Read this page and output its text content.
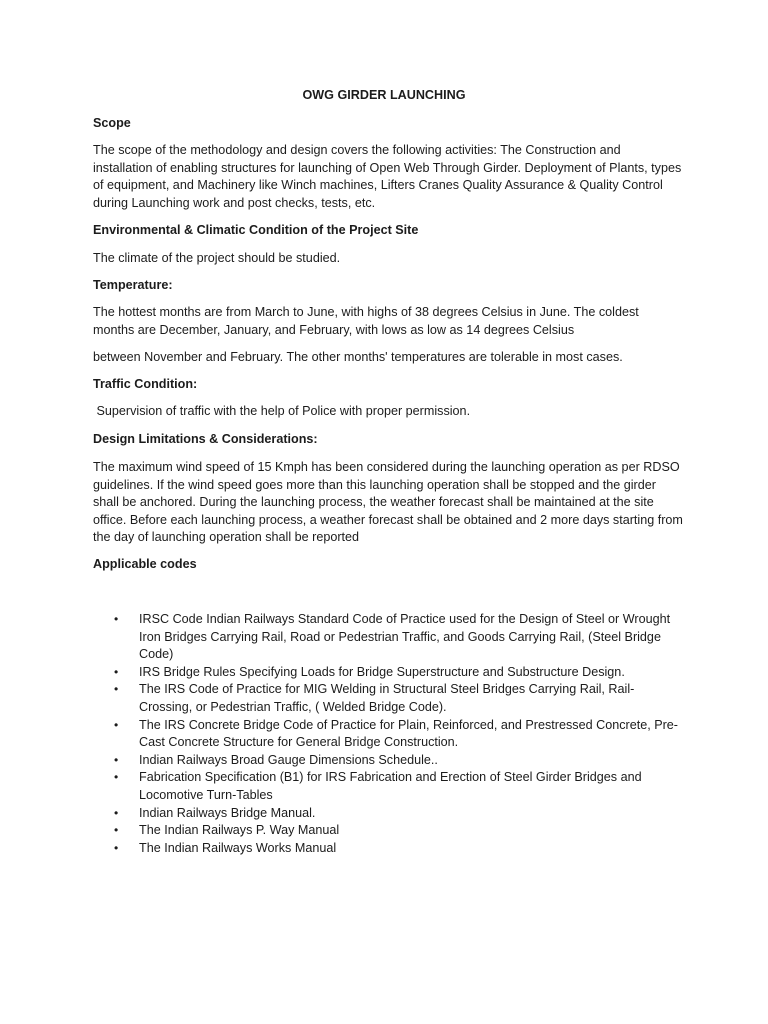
OWG GIRDER LAUNCHING

Scope

The scope of the methodology and design covers the following activities: The Construction and installation of enabling structures for launching of Open Web Through Girder. Deployment of Plants, types of equipment, and Machinery like Winch machines, Lifters Cranes Quality Assurance & Quality Control during Launching work and post checks, tests, etc.

Environmental & Climatic Condition of the Project Site

The climate of the project should be studied.

Temperature:

The hottest months are from March to June, with highs of 38 degrees Celsius in June. The coldest months are December, January, and February, with lows as low as 14 degrees Celsius

between November and February. The other months' temperatures are tolerable in most cases.

Traffic Condition:

Supervision of traffic with the help of Police with proper permission.

Design Limitations & Considerations:

The maximum wind speed of 15 Kmph has been considered during the launching operation as per RDSO guidelines. If the wind speed goes more than this launching operation shall be stopped and the girder shall be anchored. During the launching process, the weather forecast shall be maintained at the site office. Before each launching process, a weather forecast shall be obtained and 2 more days starting from the day of launching operation shall be reported

Applicable codes

• IRSC Code Indian Railways Standard Code of Practice used for the Design of Steel or Wrought Iron Bridges Carrying Rail, Road or Pedestrian Traffic, and Goods Carrying Rail, (Steel Bridge Code)
• IRS Bridge Rules Specifying Loads for Bridge Superstructure and Substructure Design.
• The IRS Code of Practice for MIG Welding in Structural Steel Bridges Carrying Rail, Rail-Crossing, or Pedestrian Traffic, ( Welded Bridge Code).
• The IRS Concrete Bridge Code of Practice for Plain, Reinforced, and Prestressed Concrete, Pre-Cast Concrete Structure for General Bridge Construction.
• Indian Railways Broad Gauge Dimensions Schedule..
• Fabrication Specification (B1) for IRS Fabrication and Erection of Steel Girder Bridges and Locomotive Turn-Tables
• Indian Railways Bridge Manual.
• The Indian Railways P. Way Manual
• The Indian Railways Works Manual
